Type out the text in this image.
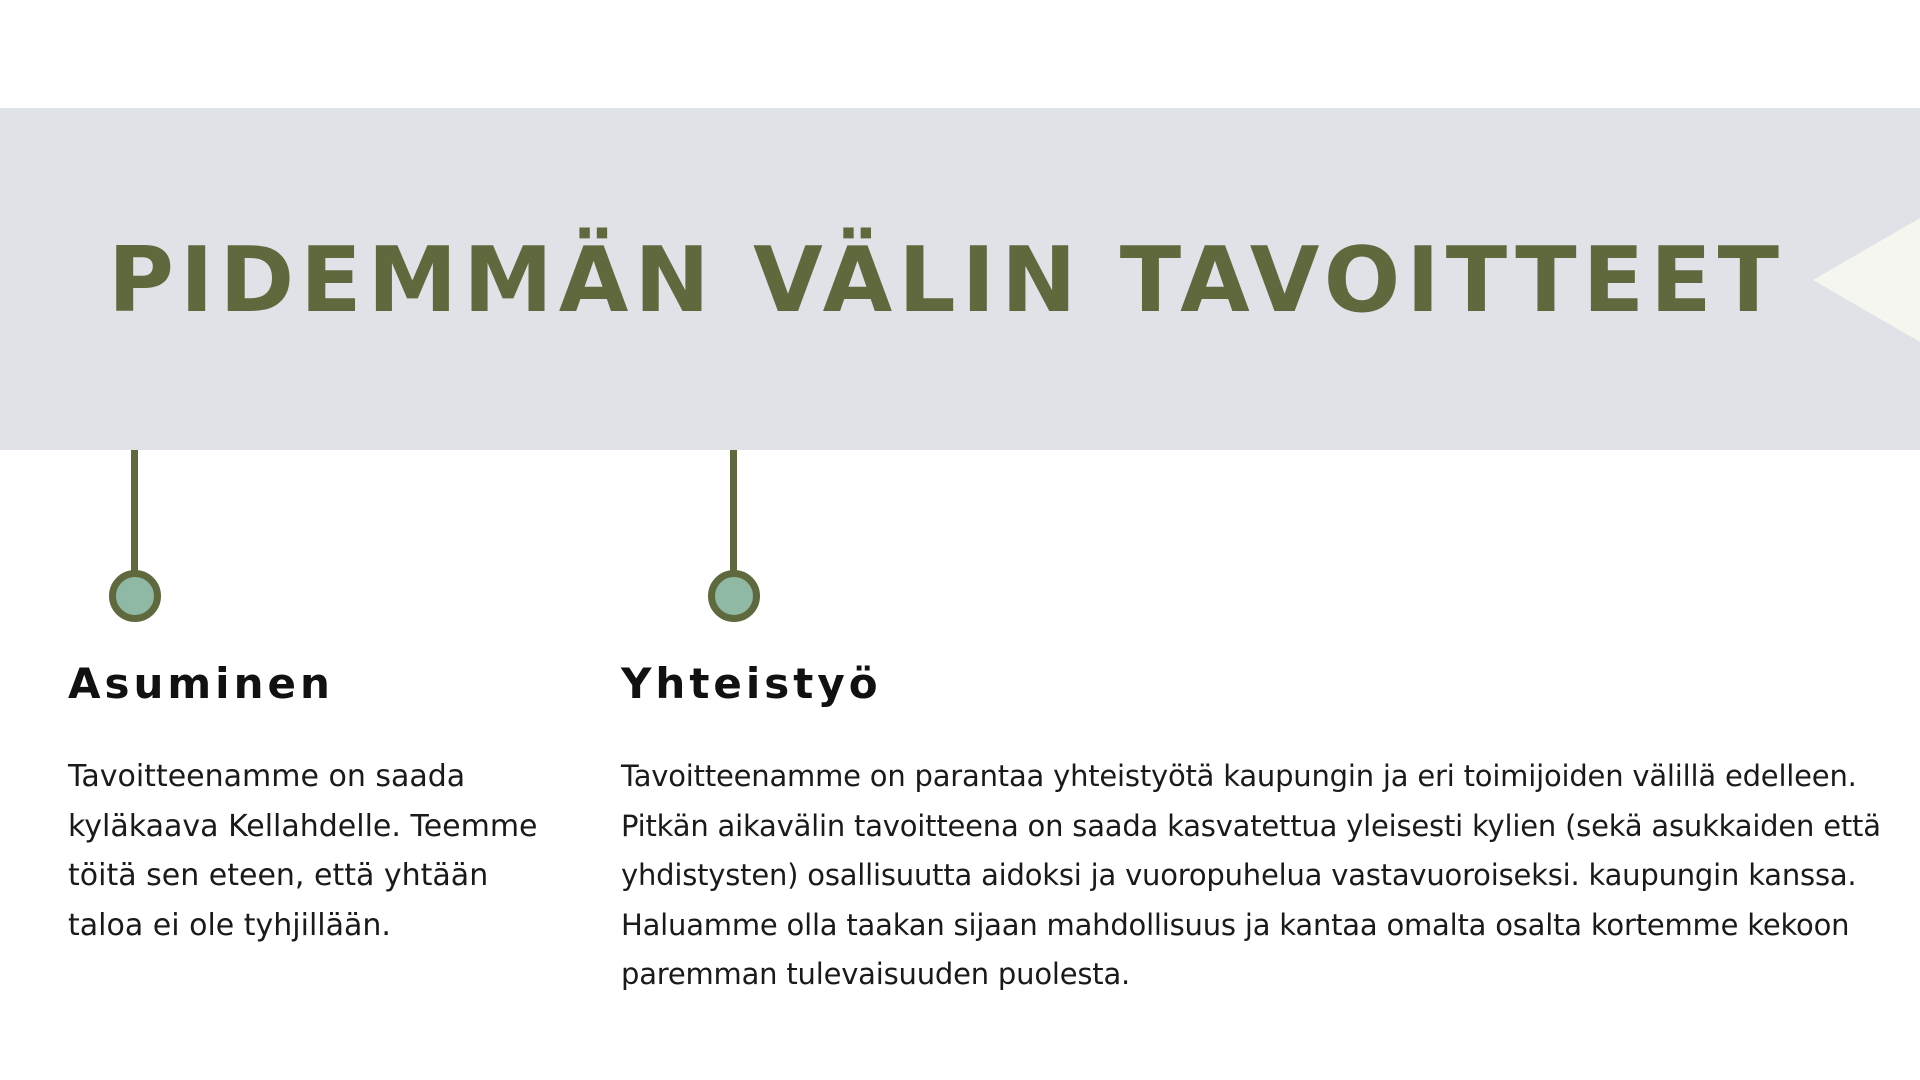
PIDEMMÄN VÄLIN TAVOITTEET
Asuminen

Tavoitteenamme on saada kyläkaava Kellahdelle. Teemme töitä sen eteen, että yhtään taloa ei ole tyhjillään.

Yhteistyö

Tavoitteenamme on parantaa yhteistyötä kaupungin ja eri toimijoiden välillä edelleen. Pitkän aikavälin tavoitteena on saada kasvatettua yleisesti kylien (sekä asukkaiden että yhdistysten) osallisuutta aidoksi ja vuoropuhelua vastavuoroiseksi. kaupungin kanssa. Haluamme olla taakan sijaan mahdollisuus ja kantaa omalta osalta kortemme kekoon paremman tulevaisuuden puolesta.
